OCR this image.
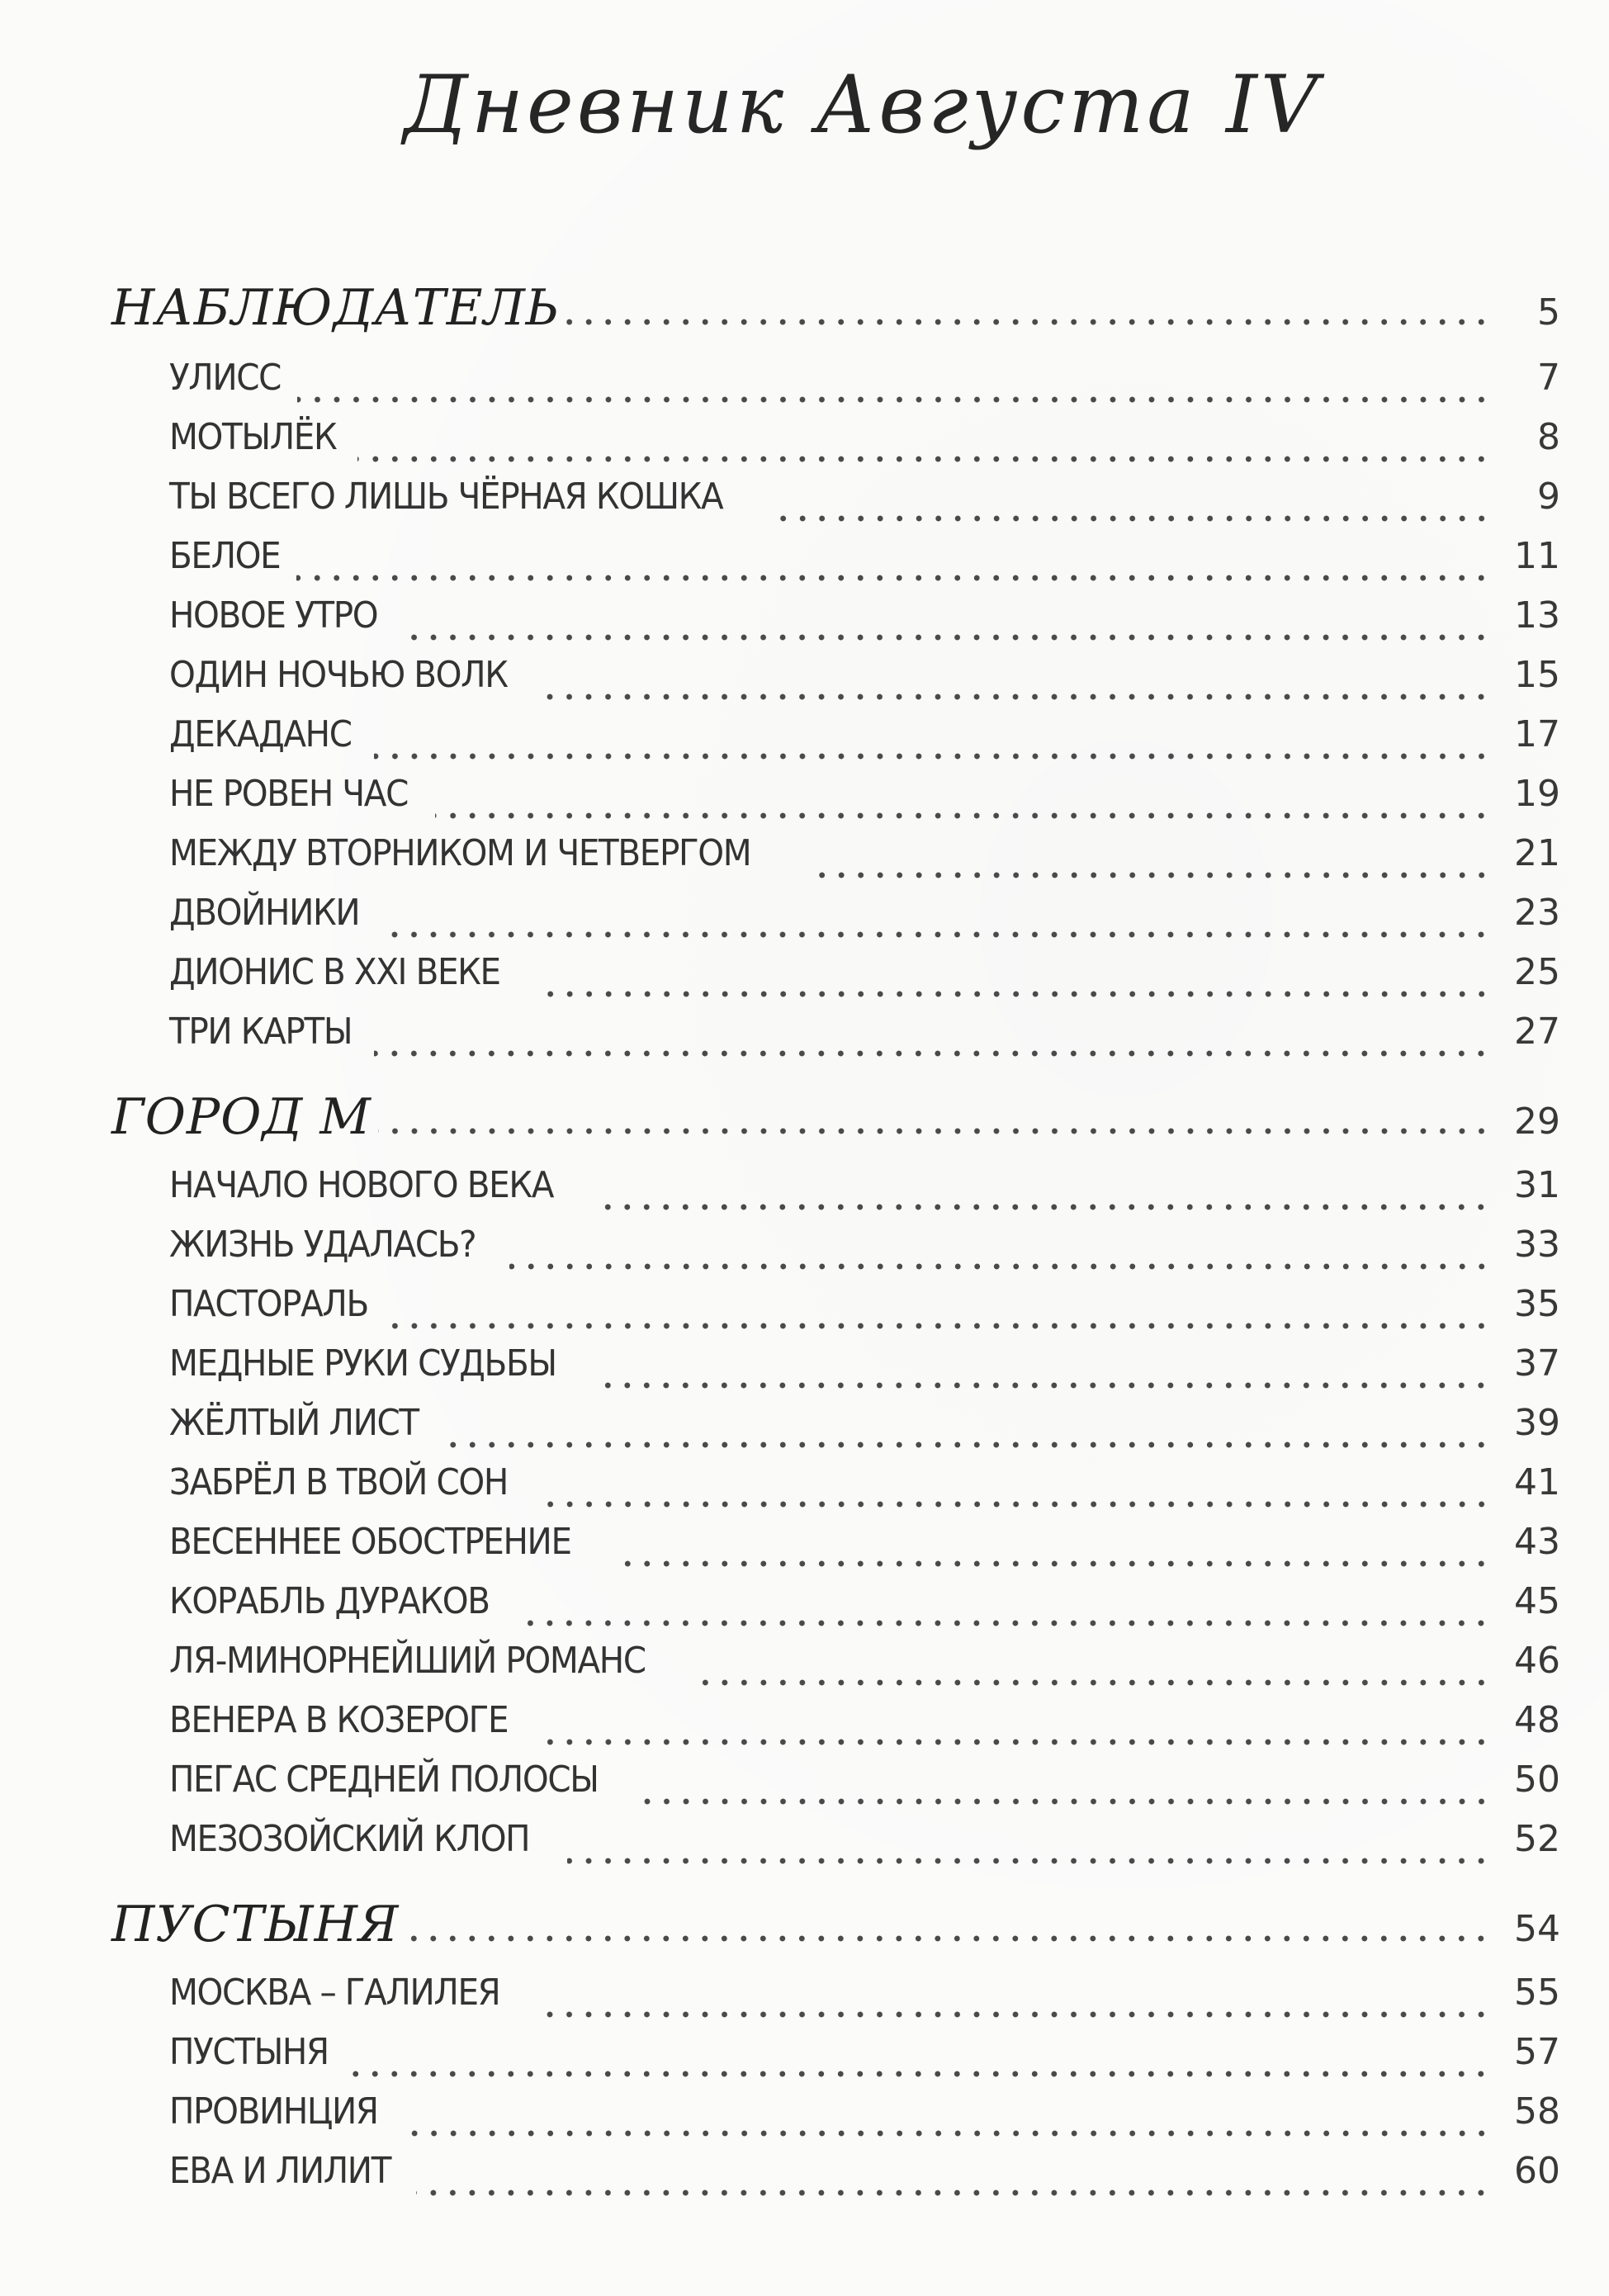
Дневник Августа IV
НАБЛЮДАТЕЛЬ	5
УЛИСС	7
МОТЫЛЁК	8
ТЫ ВСЕГО ЛИШЬ ЧЁРНАЯ КОШКА	9
БЕЛОЕ	11
НОВОЕ УТРО	13
ОДИН НОЧЬЮ ВОЛК	15
ДЕКАДАНС	17
НЕ РОВЕН ЧАС	19
МЕЖДУ ВТОРНИКОМ И ЧЕТВЕРГОМ	21
ДВОЙНИКИ	23
ДИОНИС В XXI ВЕКЕ	25
ТРИ КАРТЫ	27
ГОРОД М	29
НАЧАЛО НОВОГО ВЕКА	31
ЖИЗНЬ УДАЛАСЬ?	33
ПАСТОРАЛЬ	35
МЕДНЫЕ РУКИ СУДЬБЫ	37
ЖЁЛТЫЙ ЛИСТ	39
ЗАБРЁЛ В ТВОЙ СОН	41
ВЕСЕННЕЕ ОБОСТРЕНИЕ	43
КОРАБЛЬ ДУРАКОВ	45
ЛЯ-МИНОРНЕЙШИЙ РОМАНС	46
ВЕНЕРА В КОЗЕРОГЕ	48
ПЕГАС СРЕДНЕЙ ПОЛОСЫ	50
МЕЗОЗОЙСКИЙ КЛОП	52
ПУСТЫНЯ	54
МОСКВА – ГАЛИЛЕЯ	55
ПУСТЫНЯ	57
ПРОВИНЦИЯ	58
ЕВА И ЛИЛИТ	60
